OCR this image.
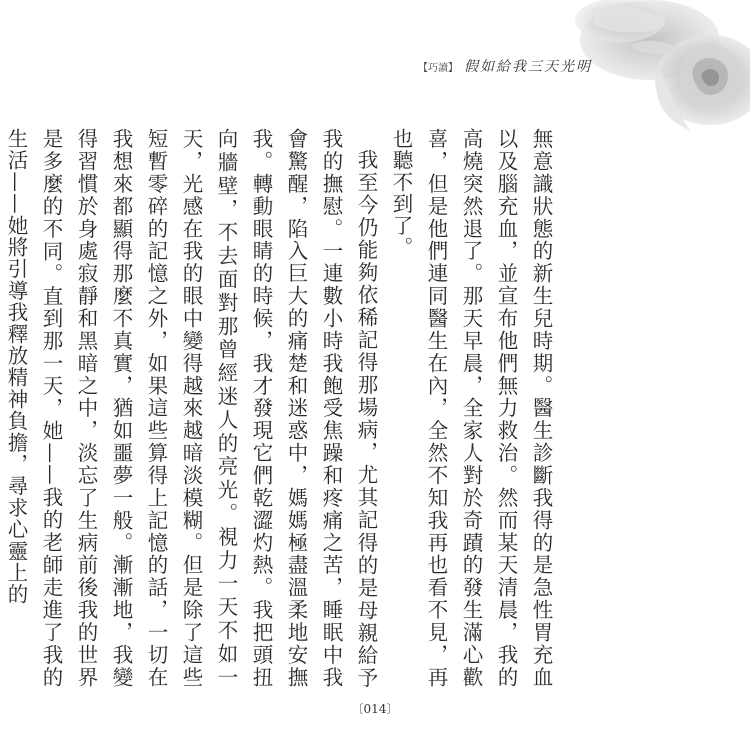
【巧讀】 假如給我三天光明

無意識狀態的新生兒時期。醫生診斷我得的是急性胃充血以及腦充血，並宣布他們無力救治。然而某天清晨，我的高燒突然退了。那天早晨，全家人對於奇蹟的發生滿心歡喜，但是他們連同醫生在內，全然不知我再也看不見，再也聽不到了。

我至今仍能夠依稀記得那場病，尤其記得的是母親給予我的撫慰。一連數小時我飽受焦躁和疼痛之苦，睡眠中我會驚醒，陷入巨大的痛楚和迷惑中，媽媽極盡溫柔地安撫我。轉動眼睛的時候，我才發現它們乾澀灼熱。我把頭扭向牆壁，不去面對那曾經迷人的亮光。視力一天不如一天，光感在我的眼中變得越來越暗淡模糊。但是除了這些短暫零碎的記憶之外，如果這些算得上記憶的話，一切在我想來都顯得那麼不真實，猶如噩夢一般。漸漸地，我變得習慣於身處寂靜和黑暗之中，淡忘了生病前後我的世界是多麼的不同。直到那一天，她——我的老師走進了我的生活——她將引導我釋放精神負擔，尋求心靈上的

〔014〕
